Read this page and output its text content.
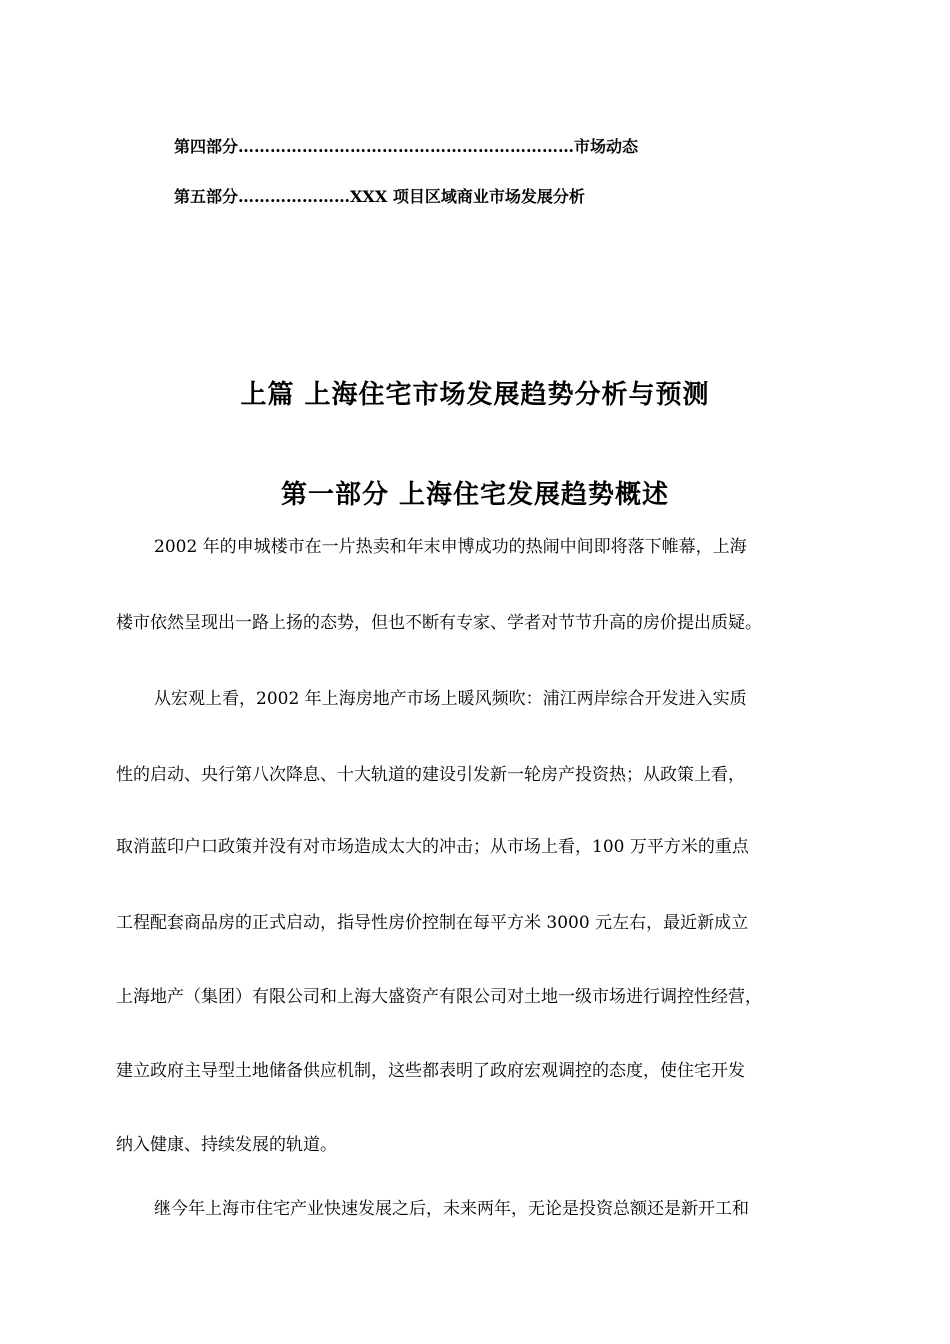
第四部分………………………………………………………市场动态
第五部分…………………XXX 项目区域商业市场发展分析
上篇 上海住宅市场发展趋势分析与预测
第一部分 上海住宅发展趋势概述
2002 年的申城楼市在一片热卖和年末申博成功的热闹中间即将落下帷幕，上海
楼市依然呈现出一路上扬的态势，但也不断有专家、学者对节节升高的房价提出质疑。
从宏观上看，2002 年上海房地产市场上暖风频吹：浦江两岸综合开发进入实质
性的启动、央行第八次降息、十大轨道的建设引发新一轮房产投资热；从政策上看，
取消蓝印户口政策并没有对市场造成太大的冲击；从市场上看，100 万平方米的重点
工程配套商品房的正式启动，指导性房价控制在每平方米 3000 元左右，最近新成立
上海地产（集团）有限公司和上海大盛资产有限公司对土地一级市场进行调控性经营，
建立政府主导型土地储备供应机制，这些都表明了政府宏观调控的态度，使住宅开发
纳入健康、持续发展的轨道。
继今年上海市住宅产业快速发展之后，未来两年，无论是投资总额还是新开工和
